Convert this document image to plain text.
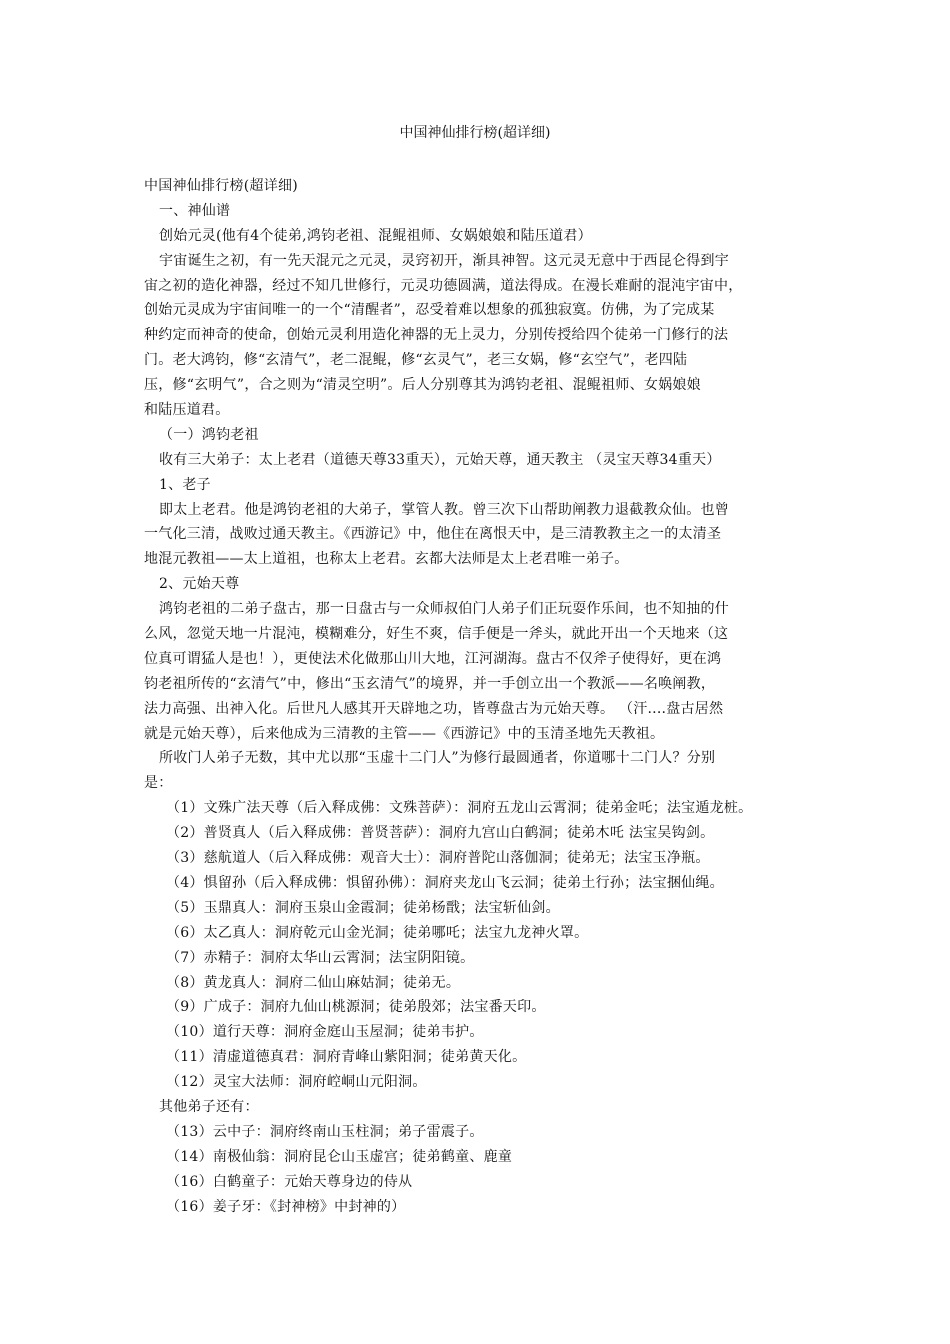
中国神仙排行榜(超详细)
中国神仙排行榜(超详细)
一、神仙谱
创始元灵(他有4个徒弟,鸿钧老祖、混鲲祖师、女娲娘娘和陆压道君）
宇宙诞生之初，有一先天混元之元灵，灵窍初开，渐具神智。这元灵无意中于西昆仑得到宇
宙之初的造化神器，经过不知几世修行，元灵功德圆满，道法得成。在漫长难耐的混沌宇宙中，
创始元灵成为宇宙间唯一的一个“清醒者”，忍受着难以想象的孤独寂寞。仿佛，为了完成某
种约定而神奇的使命，创始元灵利用造化神器的无上灵力，分别传授给四个徒弟一门修行的法
门。老大鸿钧，修“玄清气”，老二混鲲，修“玄灵气”，老三女娲，修“玄空气”，老四陆
压，修“玄明气”，合之则为“清灵空明”。后人分别尊其为鸿钧老祖、混鲲祖师、女娲娘娘
和陆压道君。
（一）鸿钧老祖
收有三大弟子：太上老君（道德天尊33重天），元始天尊，通天教主 （灵宝天尊34重天）
1、老子
即太上老君。他是鸿钧老祖的大弟子，掌管人教。曾三次下山帮助阐教力退截教众仙。也曾
一气化三清，战败过通天教主。《西游记》中，他住在离恨天中，是三清教教主之一的太清圣
地混元教祖——太上道祖，也称太上老君。玄都大法师是太上老君唯一弟子。
2、元始天尊
鸿钧老祖的二弟子盘古，那一日盘古与一众师叔伯门人弟子们正玩耍作乐间，也不知抽的什
么风，忽觉天地一片混沌，模糊难分，好生不爽，信手便是一斧头，就此开出一个天地来（这
位真可谓猛人是也！），更使法术化做那山川大地，江河湖海。盘古不仅斧子使得好，更在鸿
钧老祖所传的“玄清气”中，修出“玉玄清气”的境界，并一手创立出一个教派——名唤阐教，
法力高强、出神入化。后世凡人感其开天辟地之功，皆尊盘古为元始天尊。 （汗....盘古居然
就是元始天尊），后来他成为三清教的主管——《西游记》中的玉清圣地先天教祖。
所收门人弟子无数，其中尤以那“玉虚十二门人”为修行最圆通者，你道哪十二门人？分别
是：
（1）文殊广法天尊（后入释成佛：文殊菩萨）：洞府五龙山云霄洞；徒弟金吒；法宝遁龙桩。
（2）普贤真人（后入释成佛：普贤菩萨）：洞府九宫山白鹤洞；徒弟木吒 法宝吴钩剑。
（3）慈航道人（后入释成佛：观音大士）：洞府普陀山落伽洞；徒弟无；法宝玉净瓶。
（4）惧留孙（后入释成佛：惧留孙佛）：洞府夹龙山飞云洞；徒弟土行孙；法宝捆仙绳。
（5）玉鼎真人：洞府玉泉山金霞洞；徒弟杨戬；法宝斩仙剑。
（6）太乙真人：洞府乾元山金光洞；徒弟哪吒；法宝九龙神火罩。
（7）赤精子：洞府太华山云霄洞；法宝阴阳镜。
（8）黄龙真人：洞府二仙山麻姑洞；徒弟无。
（9）广成子：洞府九仙山桃源洞；徒弟殷郊；法宝番天印。
（10）道行天尊：洞府金庭山玉屋洞；徒弟韦护。
（11）清虚道德真君：洞府青峰山紫阳洞；徒弟黄天化。
（12）灵宝大法师：洞府崆峒山元阳洞。
其他弟子还有：
（13）云中子：洞府终南山玉柱洞；弟子雷震子。
（14）南极仙翁：洞府昆仑山玉虚宫；徒弟鹤童、鹿童
（16）白鹤童子：元始天尊身边的侍从
（16）姜子牙：《封神榜》中封神的）
